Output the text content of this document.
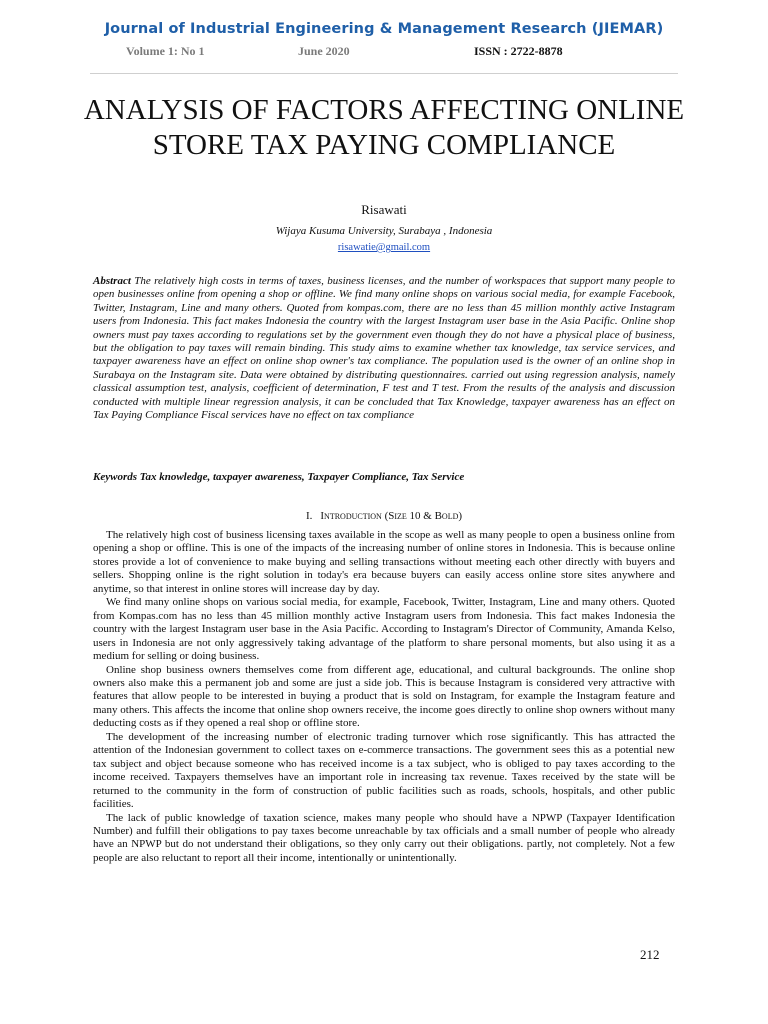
Journal of Industrial Engineering & Management Research (JIEMAR)
Volume 1: No 1	June 2020	ISSN : 2722-8878
ANALYSIS OF FACTORS AFFECTING ONLINE STORE TAX PAYING COMPLIANCE
Risawati
Wijaya Kusuma University, Surabaya , Indonesia
risawatie@gmail.com
Abstract The relatively high costs in terms of taxes, business licenses, and the number of workspaces that support many people to open businesses online from opening a shop or offline. We find many online shops on various social media, for example Facebook, Twitter, Instagram, Line and many others. Quoted from kompas.com, there are no less than 45 million monthly active Instagram users from Indonesia. This fact makes Indonesia the country with the largest Instagram user base in the Asia Pacific. Online shop owners must pay taxes according to regulations set by the government even though they do not have a physical place of business, but the obligation to pay taxes will remain binding. This study aims to examine whether tax knowledge, tax service services, and taxpayer awareness have an effect on online shop owner's tax compliance. The population used is the owner of an online shop in Surabaya on the Instagram site. Data were obtained by distributing questionnaires. carried out using regression analysis, namely classical assumption test, analysis, coefficient of determination, F test and T test. From the results of the analysis and discussion conducted with multiple linear regression analysis, it can be concluded that Tax Knowledge, taxpayer awareness has an effect on Tax Paying Compliance Fiscal services have no effect on tax compliance
Keywords Tax knowledge, taxpayer awareness, Taxpayer Compliance, Tax Service
I. Introduction (Size 10 & Bold)

The relatively high cost of business licensing taxes available in the scope as well as many people to open a business online from opening a shop or offline. This is one of the impacts of the increasing number of online stores in Indonesia. This is because online stores provide a lot of convenience to make buying and selling transactions without meeting each other directly with buyers and sellers. Shopping online is the right solution in today's era because buyers can easily access online store sites anywhere and anytime, so that interest in online stores will increase day by day.

We find many online shops on various social media, for example, Facebook, Twitter, Instagram, Line and many others. Quoted from Kompas.com has no less than 45 million monthly active Instagram users from Indonesia. This fact makes Indonesia the country with the largest Instagram user base in the Asia Pacific. According to Instagram's Director of Community, Amanda Kelso, users in Indonesia are not only aggressively taking advantage of the platform to share personal moments, but also using it as a medium for selling or doing business.

Online shop business owners themselves come from different age, educational, and cultural backgrounds. The online shop owners also make this a permanent job and some are just a side job. This is because Instagram is considered very attractive with features that allow people to be interested in buying a product that is sold on Instagram, for example the Instagram feature and many others. This affects the income that online shop owners receive, the income goes directly to online shop owners without many deducting costs as if they opened a real shop or offline store.

The development of the increasing number of electronic trading turnover which rose significantly. This has attracted the attention of the Indonesian government to collect taxes on e-commerce transactions. The government sees this as a potential new tax subject and object because someone who has received income is a tax subject, who is obliged to pay taxes according to the income received. Taxpayers themselves have an important role in increasing tax revenue. Taxes received by the state will be returned to the community in the form of construction of public facilities such as roads, schools, hospitals, and other public facilities.

The lack of public knowledge of taxation science, makes many people who should have a NPWP (Taxpayer Identification Number) and fulfill their obligations to pay taxes become unreachable by tax officials and a small number of people who already have an NPWP but do not understand their obligations, so they only carry out their obligations. partly, not completely. Not a few people are also reluctant to report all their income, intentionally or unintentionally.

212
